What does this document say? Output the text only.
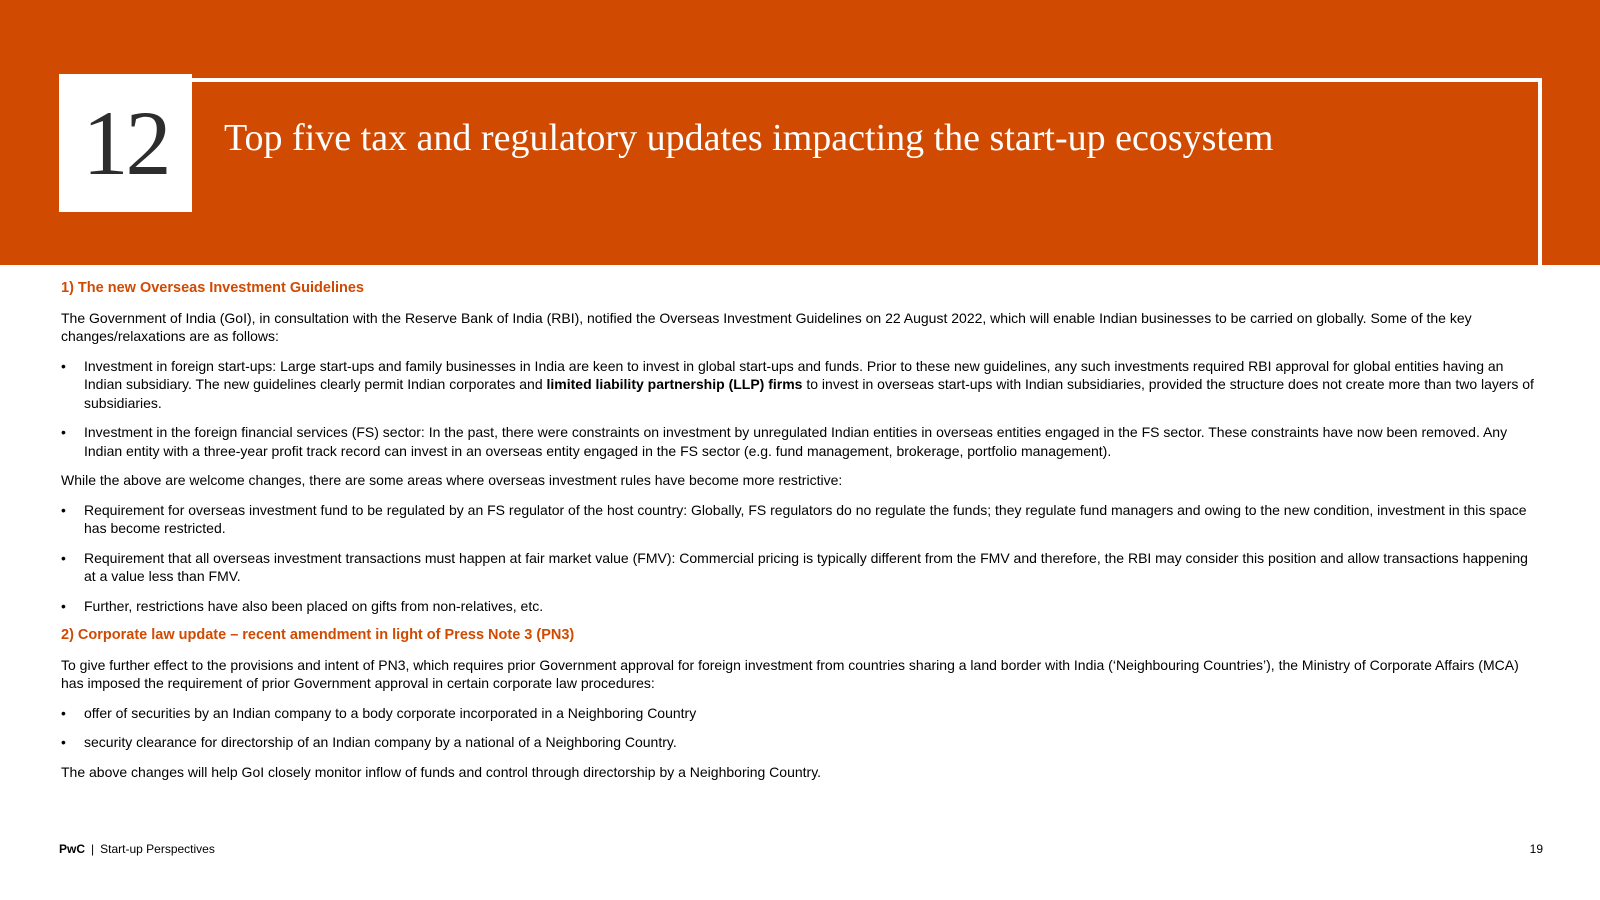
12 Top five tax and regulatory updates impacting the start-up ecosystem
1) The new Overseas Investment Guidelines

The Government of India (GoI), in consultation with the Reserve Bank of India (RBI), notified the Overseas Investment Guidelines on 22 August 2022, which will enable Indian businesses to be carried on globally. Some of the key changes/relaxations are as follows:

• Investment in foreign start-ups: Large start-ups and family businesses in India are keen to invest in global start-ups and funds. Prior to these new guidelines, any such investments required RBI approval for global entities having an Indian subsidiary. The new guidelines clearly permit Indian corporates and limited liability partnership (LLP) firms to invest in overseas start-ups with Indian subsidiaries, provided the structure does not create more than two layers of subsidiaries.
• Investment in the foreign financial services (FS) sector: In the past, there were constraints on investment by unregulated Indian entities in overseas entities engaged in the FS sector. These constraints have now been removed. Any Indian entity with a three-year profit track record can invest in an overseas entity engaged in the FS sector (e.g. fund management, brokerage, portfolio management).

While the above are welcome changes, there are some areas where overseas investment rules have become more restrictive:

• Requirement for overseas investment fund to be regulated by an FS regulator of the host country: Globally, FS regulators do no regulate the funds; they regulate fund managers and owing to the new condition, investment in this space has become restricted.
• Requirement that all overseas investment transactions must happen at fair market value (FMV): Commercial pricing is typically different from the FMV and therefore, the RBI may consider this position and allow transactions happening at a value less than FMV.
• Further, restrictions have also been placed on gifts from non-relatives, etc.
2) Corporate law update – recent amendment in light of Press Note 3 (PN3)

To give further effect to the provisions and intent of PN3, which requires prior Government approval for foreign investment from countries sharing a land border with India (‘Neighbouring Countries’), the Ministry of Corporate Affairs (MCA) has imposed the requirement of prior Government approval in certain corporate law procedures:

• offer of securities by an Indian company to a body corporate incorporated in a Neighboring Country
• security clearance for directorship of an Indian company by a national of a Neighboring Country.

The above changes will help GoI closely monitor inflow of funds and control through directorship by a Neighboring Country.

PwC | Start-up Perspectives	19
